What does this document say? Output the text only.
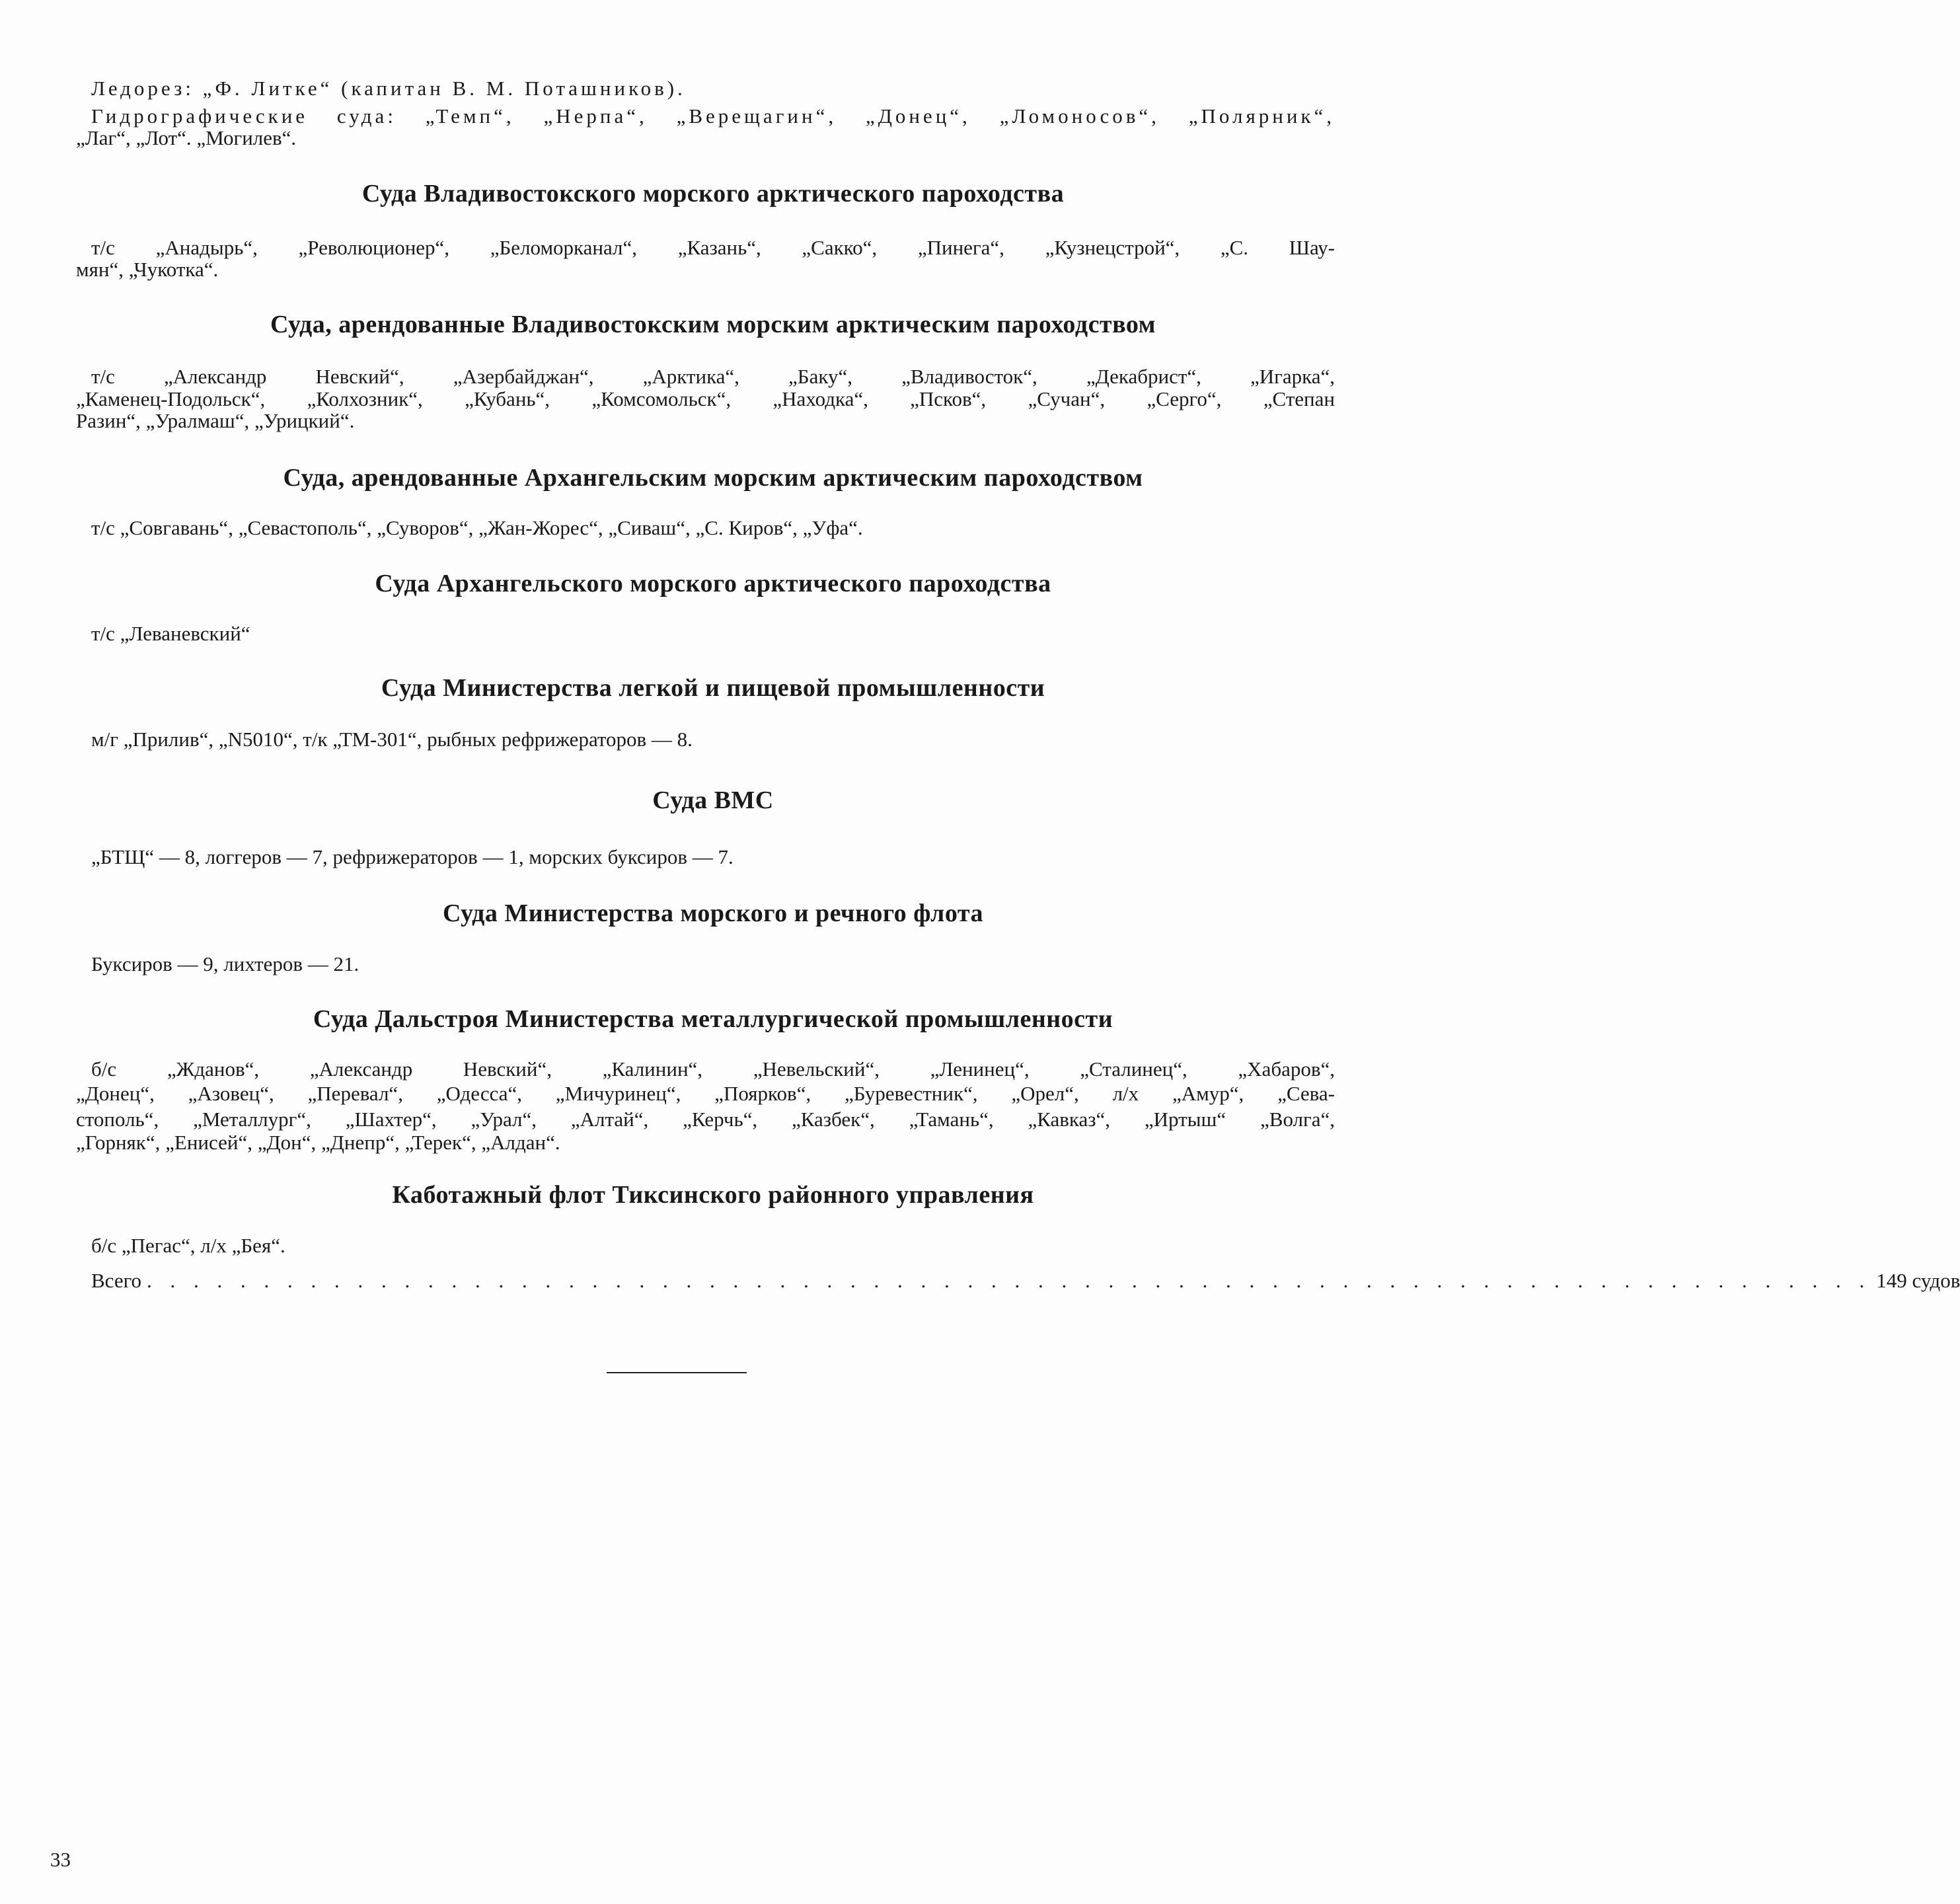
Ледорез: „Ф. Литке“ (капитан В. М. Поташников).
Гидрографические суда: „Темп“, „Нерпа“, „Верещагин“, „Донец“, „Ломоносов“, „Полярник“,
„Лаг“, „Лот“. „Могилев“.
Суда Владивостокского морского арктического пароходства
т/с „Анадырь“, „Революционер“, „Беломорканал“, „Казань“, „Сакко“, „Пинега“, „Кузнецстрой“, „С. Шау-
мян“, „Чукотка“.
Суда, арендованные Владивостокским морским арктическим пароходством
т/с „Александр Невский“, „Азербайджан“, „Арктика“, „Баку“, „Владивосток“, „Декабрист“, „Игарка“,
„Каменец-Подольск“, „Колхозник“, „Кубань“, „Комсомольск“, „Находка“, „Псков“, „Сучан“, „Серго“, „Степан
Разин“, „Уралмаш“, „Урицкий“.
Суда, арендованные Архангельским морским арктическим пароходством
т/с „Совгавань“, „Севастополь“, „Суворов“, „Жан-Жорес“, „Сиваш“, „С. Киров“, „Уфа“.
Суда Архангельского морского арктического пароходства
т/с „Леваневский“
Суда Министерства легкой и пищевой промышленности
м/г „Прилив“, „N5010“, т/к „ТМ-301“, рыбных рефрижераторов — 8.
Суда ВМС
„БТЩ“ — 8, логгеров — 7, рефрижераторов — 1, морских буксиров — 7.
Суда Министерства морского и речного флота
Буксиров — 9, лихтеров — 21.
Суда Дальстроя Министерства металлургической промышленности
б/с „Жданов“, „Александр Невский“, „Калинин“, „Невельский“, „Ленинец“, „Сталинец“, „Хабаров“,
„Донец“, „Азовец“, „Перевал“, „Одесса“, „Мичуринец“, „Поярков“, „Буревестник“, „Орел“, л/х „Амур“, „Сева-
стополь“, „Металлург“, „Шахтер“, „Урал“, „Алтай“, „Керчь“, „Казбек“, „Тамань“, „Кавказ“, „Иртыш“ „Волга“,
„Горняк“, „Енисей“, „Дон“, „Днепр“, „Терек“, „Алдан“.
Каботажный флот Тиксинского районного управления
б/с „Пегас“, л/х „Бея“.
Всего . . . . . . . . . . . . . . . . . . . . . . . . . . . . . . . . . . . . . . . . . . . . . . . . . . . . . . . . . . . . . . . . . . . . . . . . . . 149 судов
33
